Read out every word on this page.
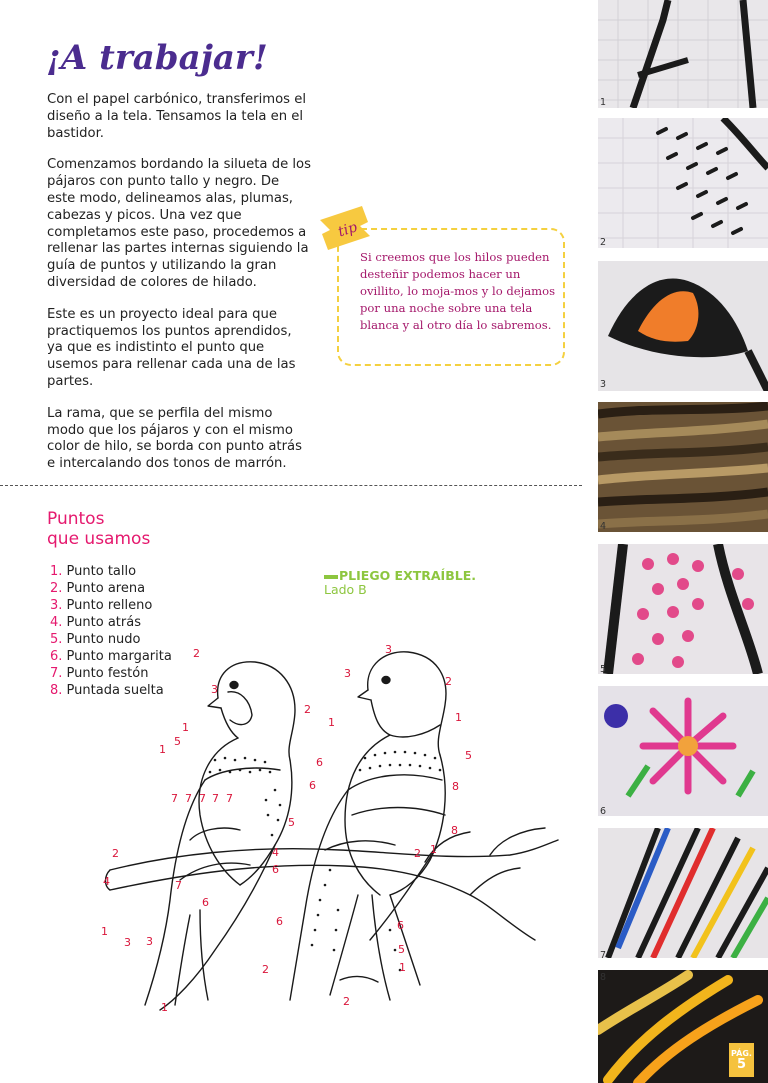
¡A trabajar!

Con el papel carbónico, transferimos el diseño a la tela. Tensamos la tela en el bastidor.

Comenzamos bordando la silueta de los pájaros con punto tallo y negro. De este modo, delineamos alas, plumas, cabezas y picos. Una vez que completamos este paso, procedemos a rellenar las partes internas siguiendo la guía de puntos y utilizando la gran diversidad de colores de hilado.

Este es un proyecto ideal para que practiquemos los puntos aprendidos, ya que es indistinto el punto que usemos para rellenar cada una de las partes.

La rama, que se perfila del mismo modo que los pájaros y con el mismo color de hilo, se borda con punto atrás e intercalando dos tonos de marrón.

tip
Si creemos que los hilos pueden desteñir podemos hacer un ovillito, lo moja-mos y lo dejamos por una noche sobre una tela blanca y al otro día lo sabremos.
Puntos
que usamos
1. Punto tallo
2. Punto arena
3. Punto relleno
4. Punto atrás
5. Punto nudo
6. Punto margarita
7. Punto festón
8. Puntada suelta
PLIEGO EXTRAÍBLE.
Lado B
2
3
2
1
5
1
7 7 7 7 7
6
5
2
4	7
6
1
3 3
1
3
3
2
1	1
5
6	8
8
4
6
2 1
6	6
5
1
2
2
1
2
3
4
5
6
7
8
PÁG.
5
